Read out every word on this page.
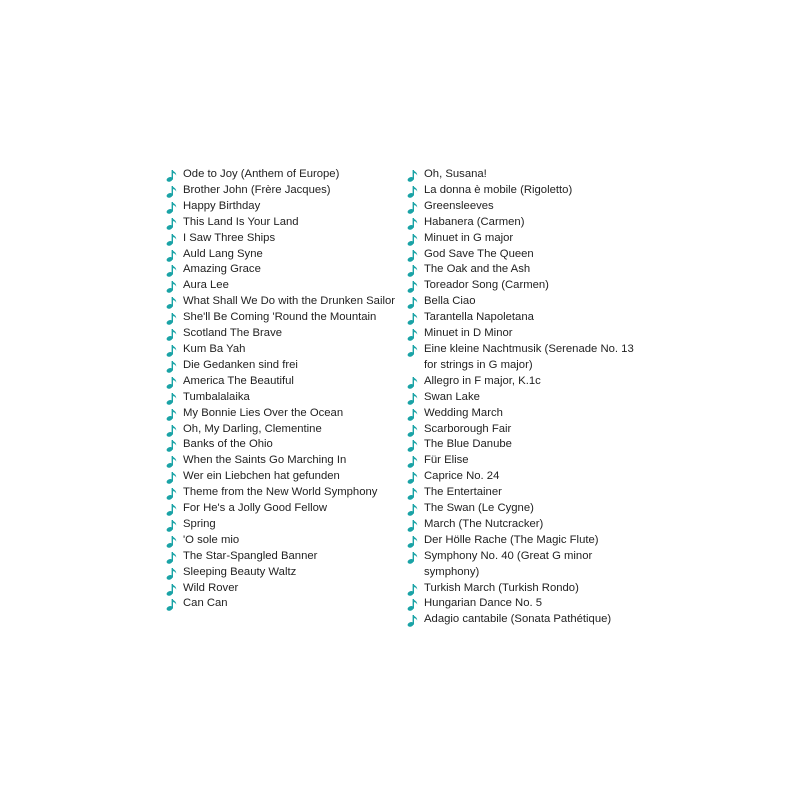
Ode to Joy (Anthem of Europe)
Brother John (Frère Jacques)
Happy Birthday
This Land Is Your Land
I Saw Three Ships
Auld Lang Syne
Amazing Grace
Aura Lee
What Shall We Do with the Drunken Sailor
She'll Be Coming 'Round the Mountain
Scotland The Brave
Kum Ba Yah
Die Gedanken sind frei
America The Beautiful
Tumbalalaika
My Bonnie Lies Over the Ocean
Oh, My Darling, Clementine
Banks of the Ohio
When the Saints Go Marching In
Wer ein Liebchen hat gefunden
Theme from the New World Symphony
For He's a Jolly Good Fellow
Spring
'O sole mio
The Star-Spangled Banner
Sleeping Beauty Waltz
Wild Rover
Can Can
Oh, Susana!
La donna è mobile (Rigoletto)
Greensleeves
Habanera (Carmen)
Minuet in G major
God Save The Queen
The Oak and the Ash
Toreador Song (Carmen)
Bella Ciao
Tarantella Napoletana
Minuet in D Minor
Eine kleine Nachtmusik (Serenade No. 13 for strings in G major)
Allegro in F major, K.1c
Swan Lake
Wedding March
Scarborough Fair
The Blue Danube
Für Elise
Caprice No. 24
The Entertainer
The Swan (Le Cygne)
March (The Nutcracker)
Der Hölle Rache (The Magic Flute)
Symphony No. 40 (Great G minor symphony)
Turkish March (Turkish Rondo)
Hungarian Dance No. 5
Adagio cantabile (Sonata Pathétique)
